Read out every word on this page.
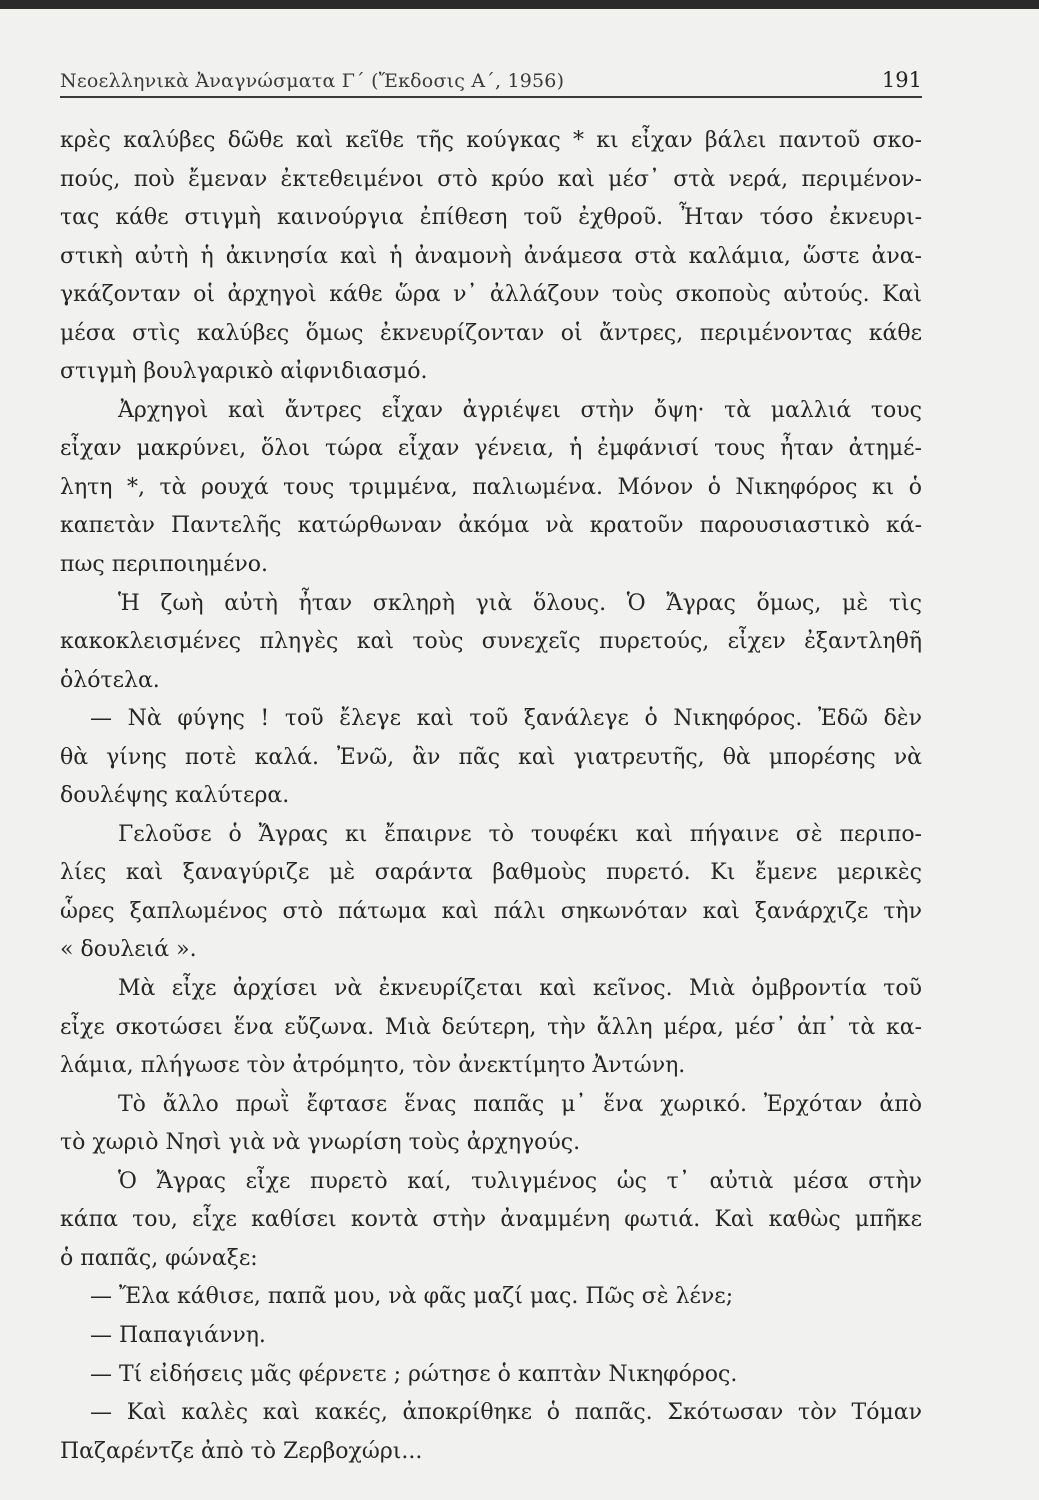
Νεοελληνικὰ Ἀναγνώσματα Γ΄ (Ἔκδοσις Α΄, 1956)	191
κρὲς καλύβες δῶθε καὶ κεῖθε τῆς κούγκας * κι εἶχαν βάλει παντοῦ σκο-
πούς, ποὺ ἔμεναν ἐκτεθειμένοι στὸ κρύο καὶ μέσ᾿ στὰ νερά, περιμένον-
τας κάθε στιγμὴ καινούργια ἐπίθεση τοῦ ἐχθροῦ. Ἦταν τόσο ἐκνευρι-
στικὴ αὐτὴ ἡ ἀκινησία καὶ ἡ ἀναμονὴ ἀνάμεσα στὰ καλάμια, ὥστε ἀνα-
γκάζονταν οἱ ἀρχηγοὶ κάθε ὥρα ν᾿ ἀλλάζουν τοὺς σκοποὺς αὐτούς. Καὶ
μέσα στὶς καλύβες ὅμως ἐκνευρίζονταν οἱ ἄντρες, περιμένοντας κάθε
στιγμὴ βουλγαρικὸ αἰφνιδιασμό.
Ἀρχηγοὶ καὶ ἄντρες εἶχαν ἀγριέψει στὴν ὄψη· τὰ μαλλιά τους
εἶχαν μακρύνει, ὅλοι τώρα εἶχαν γένεια, ἡ ἐμφάνισί τους ἦταν ἀτημέ-
λητη *, τὰ ρουχά τους τριμμένα, παλιωμένα. Μόνον ὁ Νικηφόρος κι ὁ
καπετὰν Παντελῆς κατώρθωναν ἀκόμα νὰ κρατοῦν παρουσιαστικὸ κά-
πως περιποιημένο.
Ἡ ζωὴ αὐτὴ ἦταν σκληρὴ γιὰ ὅλους. Ὁ Ἄγρας ὅμως, μὲ τὶς
κακοκλεισμένες πληγὲς καὶ τοὺς συνεχεῖς πυρετούς, εἶχεν ἐξαντληθῆ
ὁλότελα.
— Νὰ φύγης ! τοῦ ἔλεγε καὶ τοῦ ξανάλεγε ὁ Νικηφόρος. Ἐδῶ δὲν
θὰ γίνης ποτὲ καλά. Ἐνῶ, ἂν πᾶς καὶ γιατρευτῆς, θὰ μπορέσης νὰ
δουλέψης καλύτερα.
Γελοῦσε ὁ Ἄγρας κι ἔπαιρνε τὸ τουφέκι καὶ πήγαινε σὲ περιπο-
λίες καὶ ξαναγύριζε μὲ σαράντα βαθμοὺς πυρετό. Κι ἔμενε μερικὲς
ὧρες ξαπλωμένος στὸ πάτωμα καὶ πάλι σηκωνόταν καὶ ξανάρχιζε τὴν
« δουλειά ».
Μὰ εἶχε ἀρχίσει νὰ ἐκνευρίζεται καὶ κεῖνος. Μιὰ ὀμβροντία τοῦ
εἶχε σκοτώσει ἕνα εὔζωνα. Μιὰ δεύτερη, τὴν ἄλλη μέρα, μέσ᾿ ἀπ᾿ τὰ κα-
λάμια, πλήγωσε τὸν ἀτρόμητο, τὸν ἀνεκτίμητο Ἀντώνη.
Τὸ ἄλλο πρωῒ ἔφτασε ἕνας παπᾶς μ᾿ ἕνα χωρικό. Ἐρχόταν ἀπὸ
τὸ χωριὸ Νησὶ γιὰ νὰ γνωρίση τοὺς ἀρχηγούς.
Ὁ Ἄγρας εἶχε πυρετὸ καί, τυλιγμένος ὡς τ᾿ αὐτιὰ μέσα στὴν
κάπα του, εἶχε καθίσει κοντὰ στὴν ἀναμμένη φωτιά. Καὶ καθὼς μπῆκε
ὁ παπᾶς, φώναξε:
— Ἔλα κάθισε, παπᾶ μου, νὰ φᾶς μαζί μας. Πῶς σὲ λένε;
— Παπαγιάννη.
— Τί εἰδήσεις μᾶς φέρνετε ; ρώτησε ὁ καπτὰν Νικηφόρος.
— Καὶ καλὲς καὶ κακές, ἀποκρίθηκε ὁ παπᾶς. Σκότωσαν τὸν Τόμαν
Παζαρέντζε ἀπὸ τὸ Ζερβοχώρι...
